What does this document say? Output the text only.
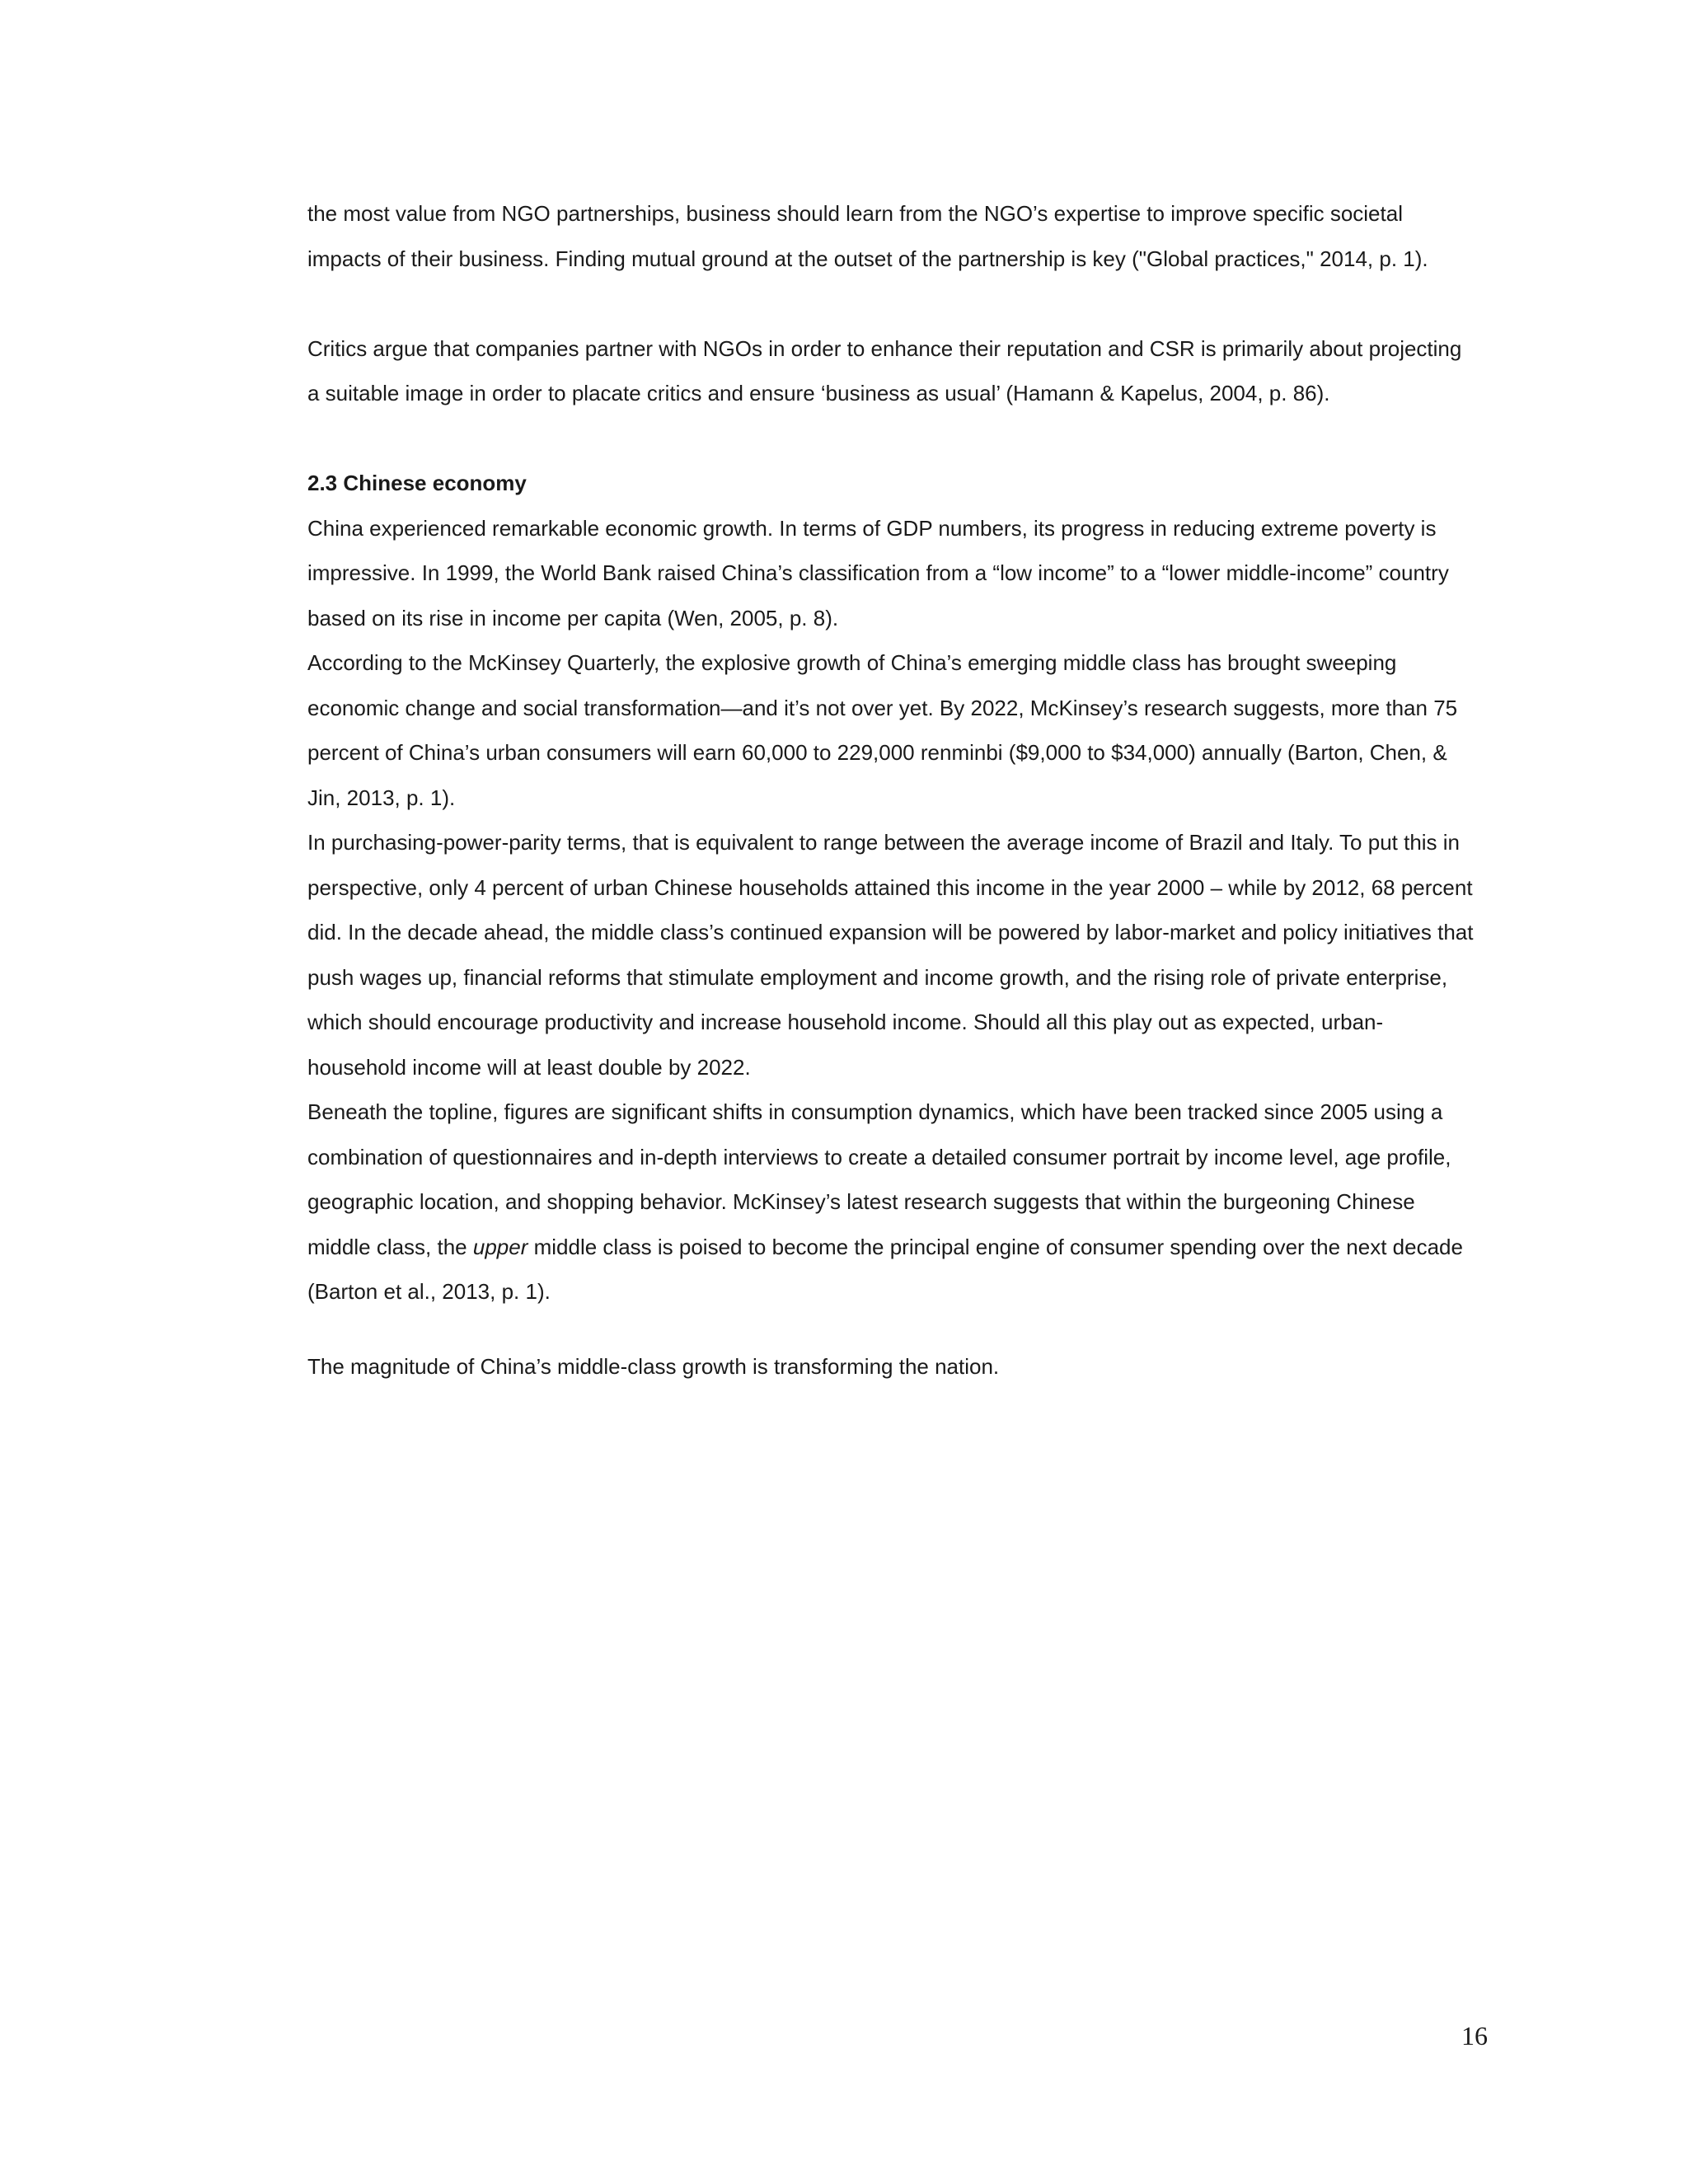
the most value from NGO partnerships, business should learn from the NGO’s expertise to improve specific societal impacts of their business. Finding mutual ground at the outset of the partnership is key ("Global practices," 2014, p. 1).

Critics argue that companies partner with NGOs in order to enhance their reputation and CSR is primarily about projecting a suitable image in order to placate critics and ensure ‘business as usual’ (Hamann & Kapelus, 2004, p. 86).

2.3 Chinese economy

China experienced remarkable economic growth. In terms of GDP numbers, its progress in reducing extreme poverty is impressive. In 1999, the World Bank raised China’s classification from a “low income” to a “lower middle-income” country based on its rise in income per capita (Wen, 2005, p. 8).

According to the McKinsey Quarterly, the explosive growth of China’s emerging middle class has brought sweeping economic change and social transformation—and it’s not over yet. By 2022, McKinsey’s research suggests, more than 75 percent of China’s urban consumers will earn 60,000 to 229,000 renminbi ($9,000 to $34,000) annually (Barton, Chen, & Jin, 2013, p. 1).

In purchasing-power-parity terms, that is equivalent to range between the average income of Brazil and Italy. To put this in perspective, only 4 percent of urban Chinese households attained this income in the year 2000 – while by 2012, 68 percent did. In the decade ahead, the middle class’s continued expansion will be powered by labor-market and policy initiatives that push wages up, financial reforms that stimulate employment and income growth, and the rising role of private enterprise, which should encourage productivity and increase household income. Should all this play out as expected, urban-household income will at least double by 2022.

Beneath the topline, figures are significant shifts in consumption dynamics, which have been tracked since 2005 using a combination of questionnaires and in-depth interviews to create a detailed consumer portrait by income level, age profile, geographic location, and shopping behavior. McKinsey’s latest research suggests that within the burgeoning Chinese middle class, the upper middle class is poised to become the principal engine of consumer spending over the next decade (Barton et al., 2013, p. 1).

The magnitude of China’s middle-class growth is transforming the nation.

16
